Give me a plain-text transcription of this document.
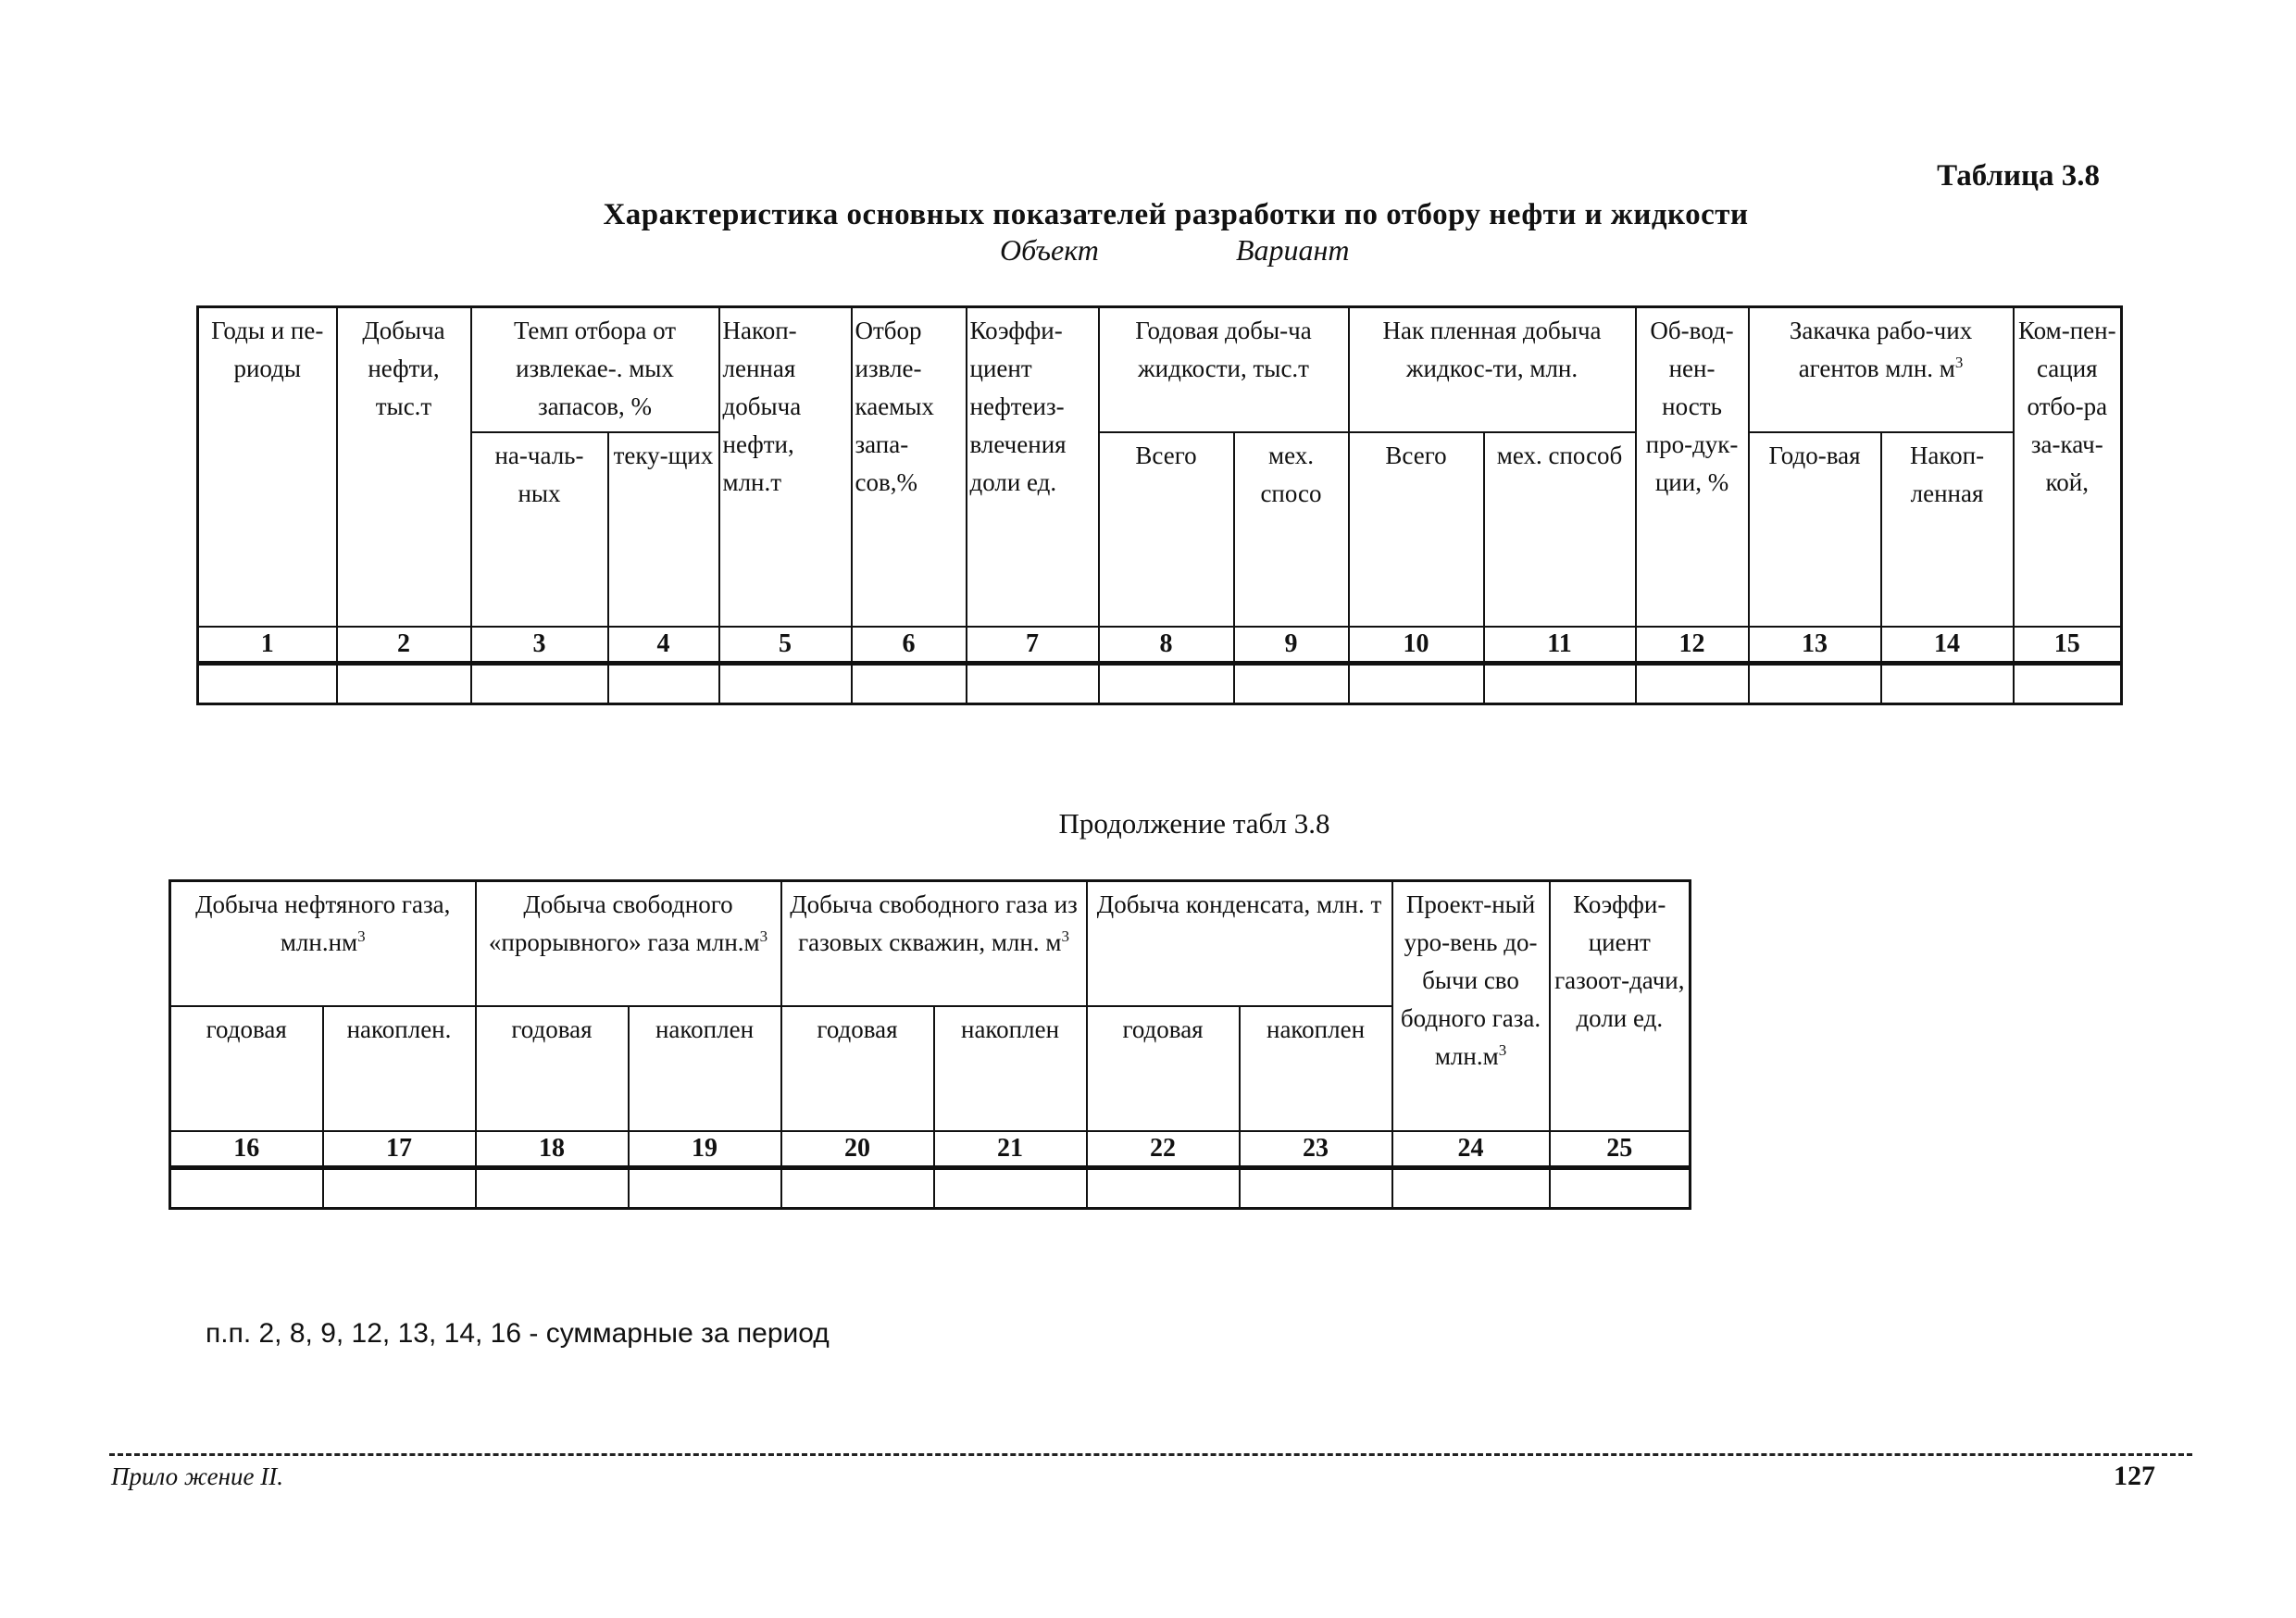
Таблица 3.8
Характеристика основных показателей разработки по отбору нефти и жидкости
Объект	Вариант
Годы и пе-риоды	Добыча нефти, тыс.т	Темп отбора от извлекае-. мых запасов, %		Накоп-ленная добыча нефти, млн.т	Отбор извле-каемых запа-сов,%	Коэффи-циент нефтеиз-влечения доли ед.	Годовая добы-ча жидкости, тыс.т		Нак пленная добыча жидкос-ти, млн.		Об-вод-нен-ность про-дук-ции, %	Закачка рабо-чих агентов млн. $м^3$		Ком-пен-сация отбо-ра за-кач-кой,
		на-чаль-ных	теку-щих				Всего	мех. спосо	Всего	мех. способ		Годо-вая	Накоп-ленная	
1	2	3	4	5	6	7	8	9	10	11	12	13	14	15

Продолжение табл 3.8
Добыча нефтяного газа, $млн.нм^3$		Добыча свободного «прорывного» газа $млн.м^3$		Добыча свободного газа из газовых скважин, млн. $м^3$		Добыча конденсата, млн. т		Проект-ный уро-вень до-бычи сво бодного газа. $млн.м^3$	Коэффи-циент газоот-дачи, доли ед.
годовая	накоплен.	годовая	накоплен	годовая	накоплен	годовая	накоплен		
16	17	18	19	20	21	22	23	24	25

п.п. 2, 8, 9, 12, 13, 14, 16 - суммарные за период
Прило жение II.	127
